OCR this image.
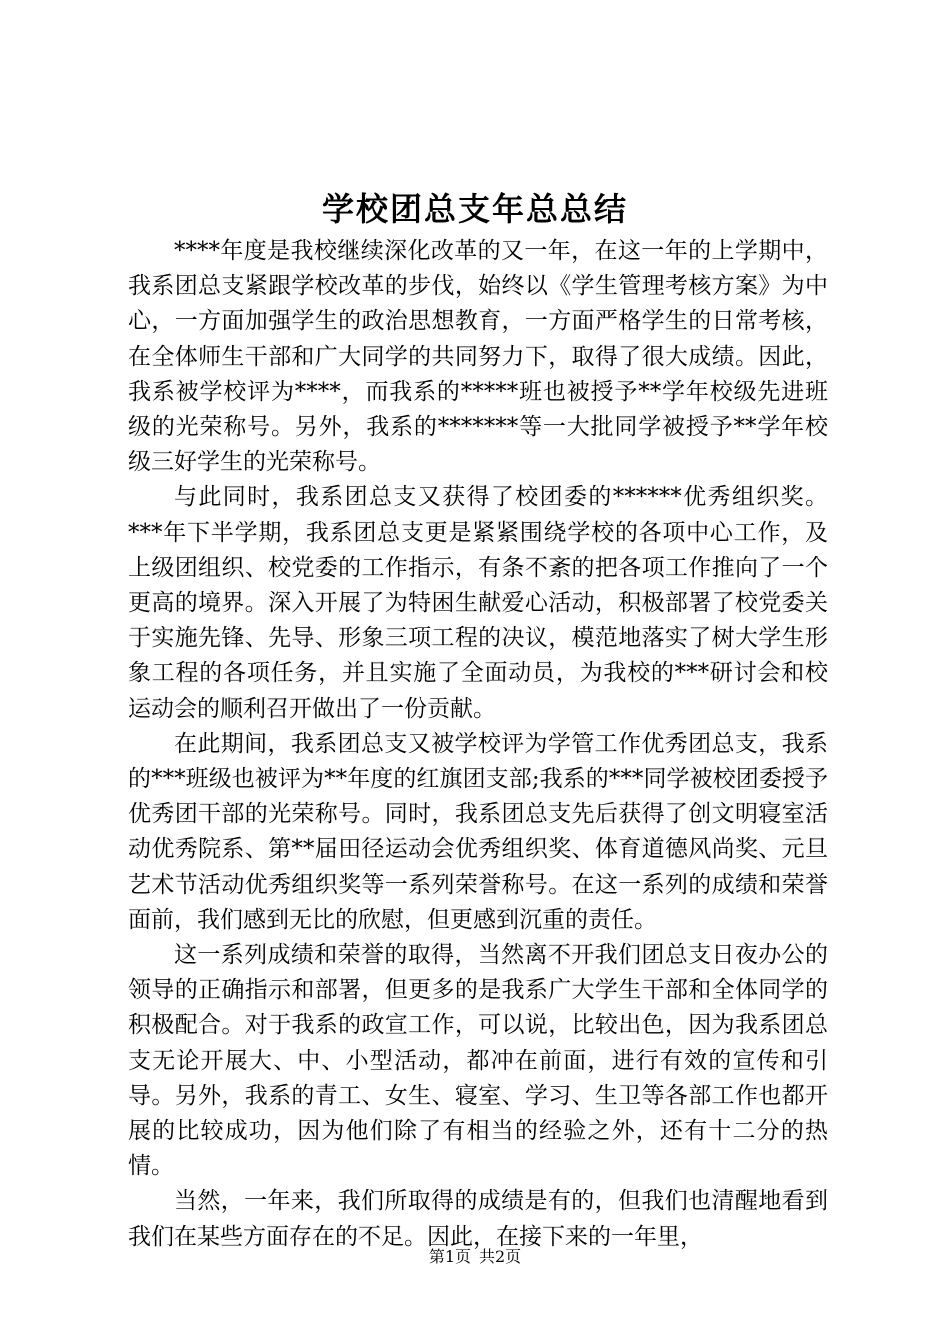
学校团总支年总总结

****年度是我校继续深化改革的又一年，在这一年的上学期中，我系团总支紧跟学校改革的步伐，始终以《学生管理考核方案》为中心，一方面加强学生的政治思想教育，一方面严格学生的日常考核，在全体师生干部和广大同学的共同努力下，取得了很大成绩。因此，我系被学校评为****，而我系的*****班也被授予**学年校级先进班级的光荣称号。另外，我系的*******等一大批同学被授予**学年校级三好学生的光荣称号。

与此同时，我系团总支又获得了校团委的******优秀组织奖。***年下半学期，我系团总支更是紧紧围绕学校的各项中心工作，及上级团组织、校党委的工作指示，有条不紊的把各项工作推向了一个更高的境界。深入开展了为特困生献爱心活动，积极部署了校党委关于实施先锋、先导、形象三项工程的决议，模范地落实了树大学生形象工程的各项任务，并且实施了全面动员，为我校的***研讨会和校运动会的顺利召开做出了一份贡献。

在此期间，我系团总支又被学校评为学管工作优秀团总支，我系的***班级也被评为**年度的红旗团支部;我系的***同学被校团委授予优秀团干部的光荣称号。同时，我系团总支先后获得了创文明寝室活动优秀院系、第**届田径运动会优秀组织奖、体育道德风尚奖、元旦艺术节活动优秀组织奖等一系列荣誉称号。在这一系列的成绩和荣誉面前，我们感到无比的欣慰，但更感到沉重的责任。

这一系列成绩和荣誉的取得，当然离不开我们团总支日夜办公的领导的正确指示和部署，但更多的是我系广大学生干部和全体同学的积极配合。对于我系的政宣工作，可以说，比较出色，因为我系团总支无论开展大、中、小型活动，都冲在前面，进行有效的宣传和引导。另外，我系的青工、女生、寝室、学习、生卫等各部工作也都开展的比较成功，因为他们除了有相当的经验之外，还有十二分的热情。

当然，一年来，我们所取得的成绩是有的，但我们也清醒地看到我们在某些方面存在的不足。因此，在接下来的一年里，

第1页 共2页
